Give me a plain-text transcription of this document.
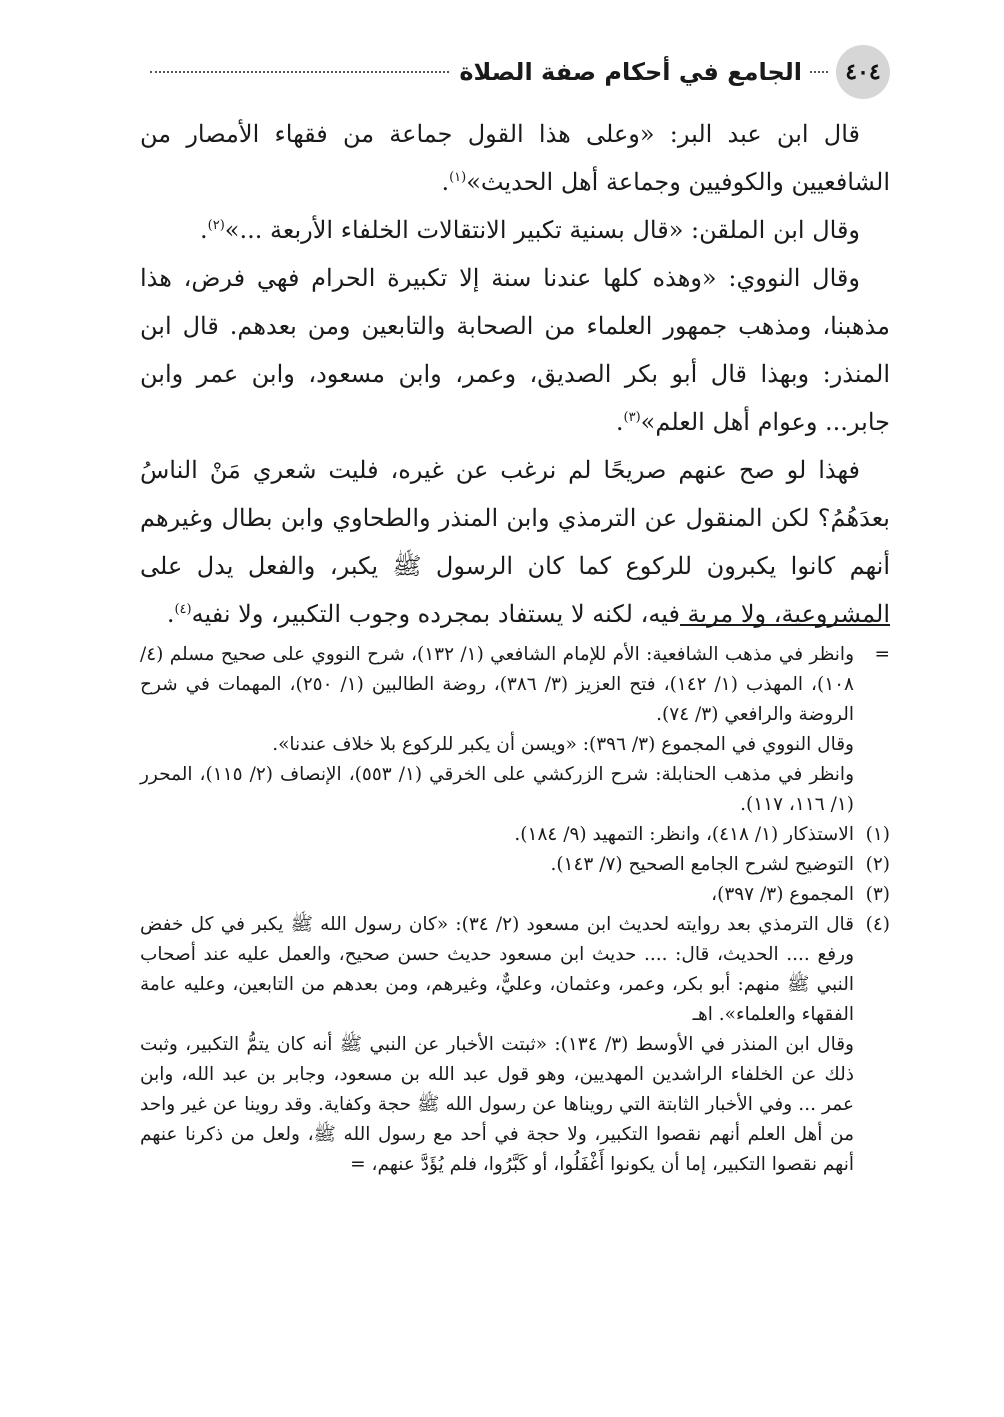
٤٠٤
الجامع في أحكام صفة الصلاة

قال ابن عبد البر: «وعلى هذا القول جماعة من فقهاء الأمصار من الشافعيين والكوفيين وجماعة أهل الحديث»$^{(١)}$.

وقال ابن الملقن: «قال بسنية تكبير الانتقالات الخلفاء الأربعة ...»$^{(٢)}$.

وقال النووي: «وهذه كلها عندنا سنة إلا تكبيرة الحرام فهي فرض، هذا مذهبنا، ومذهب جمهور العلماء من الصحابة والتابعين ومن بعدهم. قال ابن المنذر: وبهذا قال أبو بكر الصديق، وعمر، وابن مسعود، وابن عمر وابن جابر... وعوام أهل العلم»$^{(٣)}$.

فهذا لو صح عنهم صريحًا لم نرغب عن غيره، فليت شعري مَنْ الناسُ بعدَهُمُ؟ لكن المنقول عن الترمذي وابن المنذر والطحاوي وابن بطال وغيرهم أنهم كانوا يكبرون للركوع كما كان الرسول ﷺ يكبر، والفعل يدل على المشروعية، ولا مرية فيه، لكنه لا يستفاد بمجرده وجوب التكبير، ولا نفيه$^{(٤)}$.

=
وانظر في مذهب الشافعية: الأم للإمام الشافعي (١/ ١٣٢)، شرح النووي على صحيح مسلم (٤/ ١٠٨)، المهذب (١/ ١٤٢)، فتح العزيز (٣/ ٣٨٦)، روضة الطالبين (١/ ٢٥٠)، المهمات في شرح الروضة والرافعي (٣/ ٧٤).

وقال النووي في المجموع (٣/ ٣٩٦): «ويسن أن يكبر للركوع بلا خلاف عندنا».

وانظر في مذهب الحنابلة: شرح الزركشي على الخرقي (١/ ٥٥٣)، الإنصاف (٢/ ١١٥)، المحرر (١/ ١١٦، ١١٧).

(١)
الاستذكار (١/ ٤١٨)، وانظر: التمهيد (٩/ ١٨٤).
(٢)
التوضيح لشرح الجامع الصحيح (٧/ ١٤٣).
(٣)
المجموع (٣/ ٣٩٧)،
(٤)
قال الترمذي بعد روايته لحديث ابن مسعود (٢/ ٣٤): «كان رسول الله ﷺ يكبر في كل خفض ورفع .... الحديث، قال: .... حديث ابن مسعود حديث حسن صحيح، والعمل عليه عند أصحاب النبي ﷺ منهم: أبو بكر، وعمر، وعثمان، وعليٌّ، وغيرهم، ومن بعدهم من التابعين، وعليه عامة الفقهاء والعلماء». اهـ

وقال ابن المنذر في الأوسط (٣/ ١٣٤): «ثبتت الأخبار عن النبي ﷺ أنه كان يتمُّ التكبير، وثبت ذلك عن الخلفاء الراشدين المهديين، وهو قول عبد الله بن مسعود، وجابر بن عبد الله، وابن عمر ... وفي الأخبار الثابتة التي رويناها عن رسول الله ﷺ حجة وكفاية. وقد روينا عن غير واحد من أهل العلم أنهم نقصوا التكبير، ولا حجة في أحد مع رسول الله ﷺ، ولعل من ذكرنا عنهم أنهم نقصوا التكبير، إما أن يكونوا أَغْفَلُوا، أو كَبَّرُوا، فلم يُؤَدَّ عنهم، =
